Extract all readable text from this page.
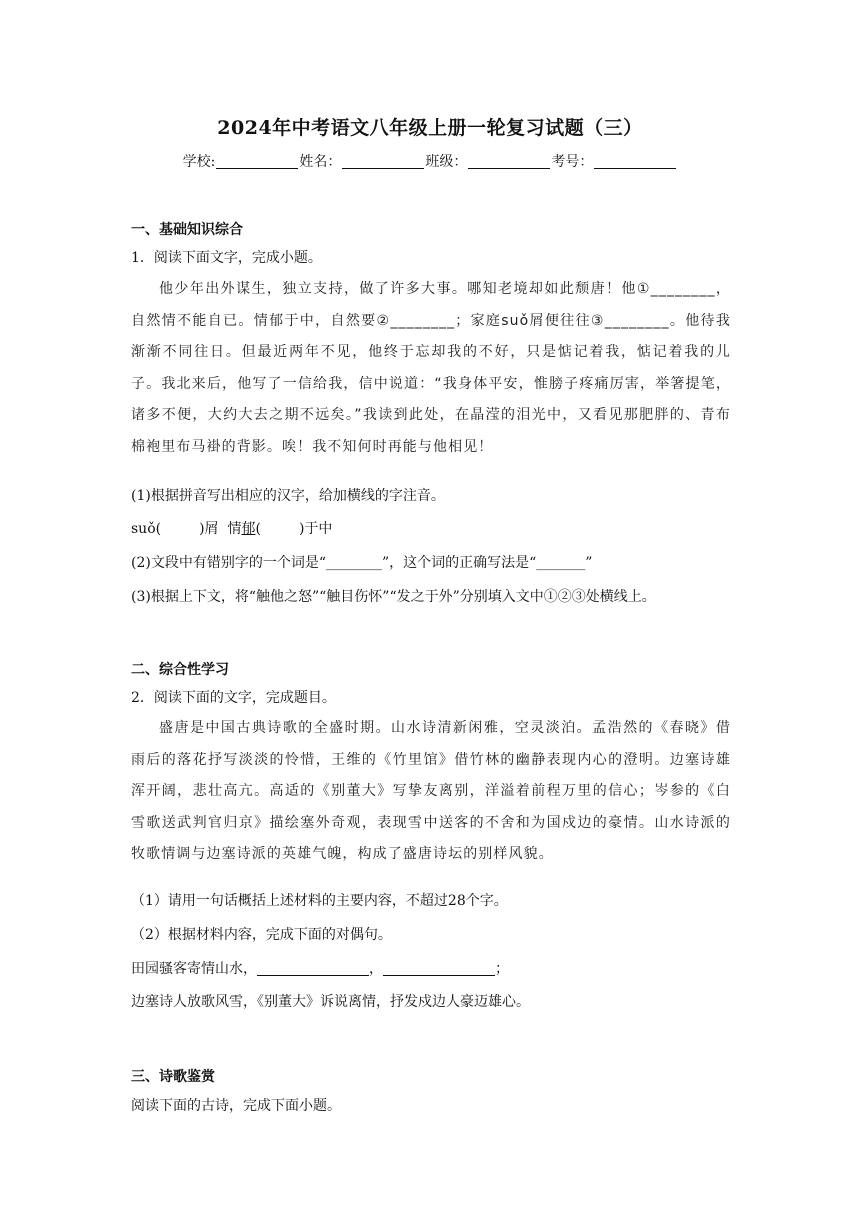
2024年中考语文八年级上册一轮复习试题（三）
学校:	姓名：	班级：	考号：
一、基础知识综合
1．阅读下面文字，完成小题。
他少年出外谋生，独立支持，做了许多大事。哪知老境却如此颓唐！他①________，自然情不能自已。情郁于中，自然要②________；家庭suǒ屑便往往③________。他待我渐渐不同往日。但最近两年不见，他终于忘却我的不好，只是惦记着我，惦记着我的儿子。我北来后，他写了一信给我，信中说道：“我身体平安，惟膀子疼痛厉害，举箸提笔，诸多不便，大约大去之期不远矣。”我读到此处，在晶滢的泪光中，又看见那肥胖的、青布棉袍里布马褂的背影。唉！我不知何时再能与他相见！
(1)根据拼音写出相应的汉字，给加横线的字注音。
suǒ(	)屑 情郁(	)于中
(2)文段中有错别字的一个词是“________”，这个词的正确写法是“_______”
(3)根据上下文，将“触他之怒”“触目伤怀”“发之于外”分别填入文中①②③处横线上。
二、综合性学习
2．阅读下面的文字，完成题目。
盛唐是中国古典诗歌的全盛时期。山水诗清新闲雅，空灵淡泊。孟浩然的《春晓》借雨后的落花抒写淡淡的怜惜，王维的《竹里馆》借竹林的幽静表现内心的澄明。边塞诗雄浑开阔，悲壮高亢。高适的《别董大》写挚友离别，洋溢着前程万里的信心；岑参的《白雪歌送武判官归京》描绘塞外奇观，表现雪中送客的不舍和为国戍边的豪情。山水诗派的牧歌情调与边塞诗派的英雄气魄，构成了盛唐诗坛的别样风貌。
（1）请用一句话概括上述材料的主要内容，不超过28个字。
（2）根据材料内容，完成下面的对偶句。
田园骚客寄情山水，	，	；
边塞诗人放歌风雪，《别董大》诉说离情，抒发戍边人豪迈雄心。
三、诗歌鉴赏
阅读下面的古诗，完成下面小题。
